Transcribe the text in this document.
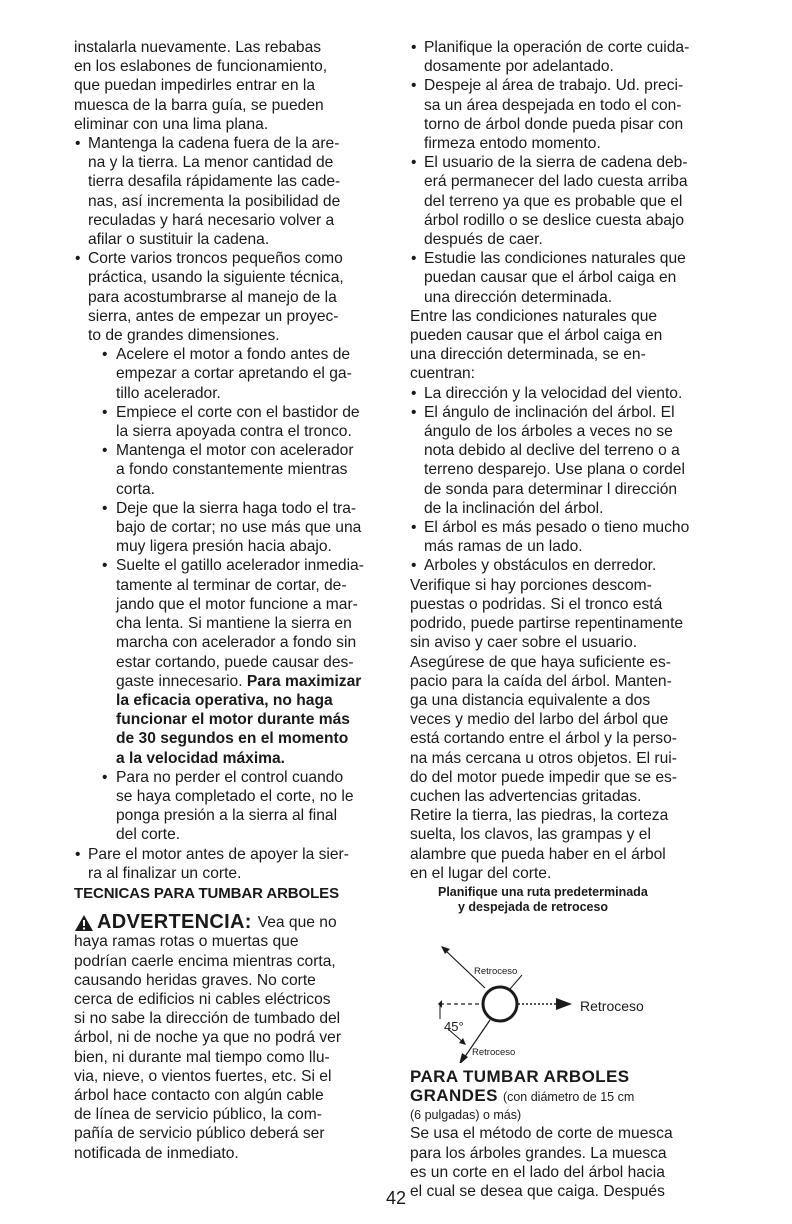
instalarla nuevamente. Las rebabas
en los eslabones de funcionamiento,
que puedan impedirles entrar en la
muesca de la barra guía, se pueden
eliminar con una lima plana.
• Mantenga la cadena fuera de la are-
na y la tierra. La menor cantidad de
tierra desafila rápidamente las cade-
nas, así incrementa la posibilidad de
reculadas y hará necesario volver a
afilar o sustituir la cadena.
• Corte varios troncos pequeños como
práctica, usando la siguiente técnica,
para acostumbrarse al manejo de la
sierra, antes de empezar un proyec-
to de grandes dimensiones.
• Acelere el motor a fondo antes de
empezar a cortar apretando el ga-
tillo acelerador.
• Empiece el corte con el bastidor de
la sierra apoyada contra el tronco.
• Mantenga el motor con acelerador
a fondo constantemente mientras
corta.
• Deje que la sierra haga todo el tra-
bajo de cortar; no use más que una
muy ligera presión hacia abajo.
• Suelte el gatillo acelerador inmedia-
tamente al terminar de cortar, de-
jando que el motor funcione a mar-
cha lenta. Si mantiene la sierra en
marcha con acelerador a fondo sin
estar cortando, puede causar des-
gaste innecesario. Para maximizar
la eficacia operativa, no haga
funcionar el motor durante más
de 30 segundos en el momento
a la velocidad máxima.
• Para no perder el control cuando
se haya completado el corte, no le
ponga presión a la sierra al final
del corte.
• Pare el motor antes de apoyer la sier-
ra al finalizar un corte.
TECNICAS PARA TUMBAR ARBOLES
ADVERTENCIA: Vea que no
haya ramas rotas o muertas que
podrían caerle encima mientras corta,
causando heridas graves. No corte
cerca de edificios ni cables eléctricos
si no sabe la dirección de tumbado del
árbol, ni de noche ya que no podrá ver
bien, ni durante mal tiempo como llu-
via, nieve, o vientos fuertes, etc. Si el
árbol hace contacto con algún cable
de línea de servicio público, la com-
pañía de servicio público deberá ser
notificada de inmediato.
• Planifique la operación de corte cuida-
dosamente por adelantado.
• Despeje al área de trabajo. Ud. preci-
sa un área despejada en todo el con-
torno de árbol donde pueda pisar con
firmeza entodo momento.
• El usuario de la sierra de cadena deb-
erá permanecer del lado cuesta arriba
del terreno ya que es probable que el
árbol rodillo o se deslice cuesta abajo
después de caer.
• Estudie las condiciones naturales que
puedan causar que el árbol caiga en
una dirección determinada.
Entre las condiciones naturales que
pueden causar que el árbol caiga en
una dirección determinada, se en-
cuentran:
• La dirección y la velocidad del viento.
• El ángulo de inclinación del árbol. El
ángulo de los árboles a veces no se
nota debido al declive del terreno o a
terreno desparejo. Use plana o cordel
de sonda para determinar l dirección
de la inclinación del árbol.
• El árbol es más pesado o tieno mucho
más ramas de un lado.
• Arboles y obstáculos en derredor.
Verifique si hay porciones descom-
puestas o podridas. Si el tronco está
podrido, puede partirse repentinamente
sin aviso y caer sobre el usuario.
Asegúrese de que haya suficiente es-
pacio para la caída del árbol. Manten-
ga una distancia equivalente a dos
veces y medio del larbo del árbol que
está cortando entre el árbol y la perso-
na más cercana u otros objetos. El rui-
do del motor puede impedir que se es-
cuchen las advertencias gritadas.
Retire la tierra, las piedras, la corteza
suelta, los clavos, las grampas y el
alambre que pueda haber en el árbol
en el lugar del corte.
Planifique una ruta predeterminada
y despejada de retroceso
Retroceso
Retroceso
Retroceso
45°
PARA TUMBAR ARBOLES
GRANDES (con diámetro de 15 cm
(6 pulgadas) o más)
Se usa el método de corte de muesca
para los árboles grandes. La muesca
es un corte en el lado del árbol hacia
el cual se desea que caiga. Después
42
